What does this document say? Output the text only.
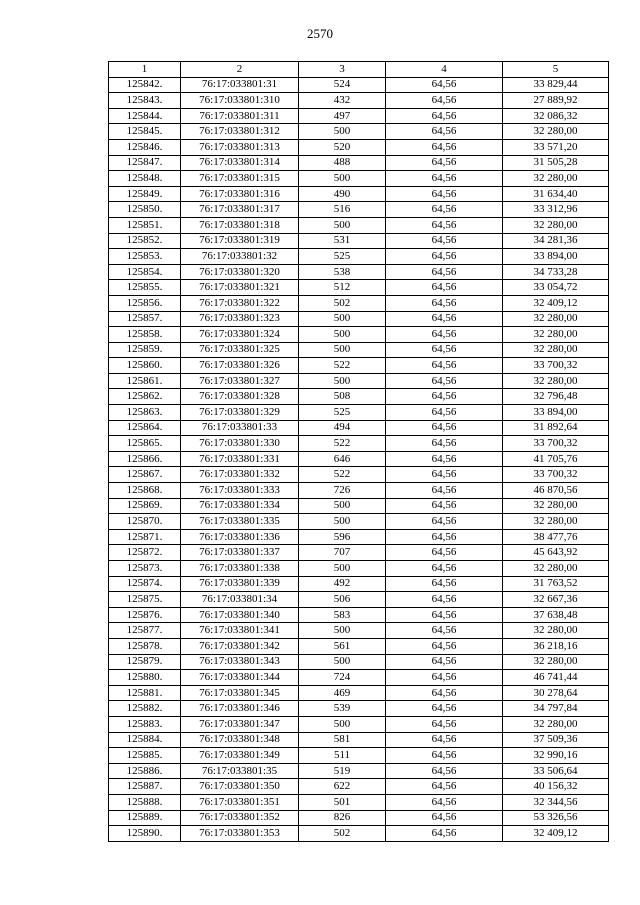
2570
1	2	3	4	5
125842.	76:17:033801:31	524	64,56	33 829,44
125843.	76:17:033801:310	432	64,56	27 889,92
125844.	76:17:033801:311	497	64,56	32 086,32
125845.	76:17:033801:312	500	64,56	32 280,00
125846.	76:17:033801:313	520	64,56	33 571,20
125847.	76:17:033801:314	488	64,56	31 505,28
125848.	76:17:033801:315	500	64,56	32 280,00
125849.	76:17:033801:316	490	64,56	31 634,40
125850.	76:17:033801:317	516	64,56	33 312,96
125851.	76:17:033801:318	500	64,56	32 280,00
125852.	76:17:033801:319	531	64,56	34 281,36
125853.	76:17:033801:32	525	64,56	33 894,00
125854.	76:17:033801:320	538	64,56	34 733,28
125855.	76:17:033801:321	512	64,56	33 054,72
125856.	76:17:033801:322	502	64,56	32 409,12
125857.	76:17:033801:323	500	64,56	32 280,00
125858.	76:17:033801:324	500	64,56	32 280,00
125859.	76:17:033801:325	500	64,56	32 280,00
125860.	76:17:033801:326	522	64,56	33 700,32
125861.	76:17:033801:327	500	64,56	32 280,00
125862.	76:17:033801:328	508	64,56	32 796,48
125863.	76:17:033801:329	525	64,56	33 894,00
125864.	76:17:033801:33	494	64,56	31 892,64
125865.	76:17:033801:330	522	64,56	33 700,32
125866.	76:17:033801:331	646	64,56	41 705,76
125867.	76:17:033801:332	522	64,56	33 700,32
125868.	76:17:033801:333	726	64,56	46 870,56
125869.	76:17:033801:334	500	64,56	32 280,00
125870.	76:17:033801:335	500	64,56	32 280,00
125871.	76:17:033801:336	596	64,56	38 477,76
125872.	76:17:033801:337	707	64,56	45 643,92
125873.	76:17:033801:338	500	64,56	32 280,00
125874.	76:17:033801:339	492	64,56	31 763,52
125875.	76:17:033801:34	506	64,56	32 667,36
125876.	76:17:033801:340	583	64,56	37 638,48
125877.	76:17:033801:341	500	64,56	32 280,00
125878.	76:17:033801:342	561	64,56	36 218,16
125879.	76:17:033801:343	500	64,56	32 280,00
125880.	76:17:033801:344	724	64,56	46 741,44
125881.	76:17:033801:345	469	64,56	30 278,64
125882.	76:17:033801:346	539	64,56	34 797,84
125883.	76:17:033801:347	500	64,56	32 280,00
125884.	76:17:033801:348	581	64,56	37 509,36
125885.	76:17:033801:349	511	64,56	32 990,16
125886.	76:17:033801:35	519	64,56	33 506,64
125887.	76:17:033801:350	622	64,56	40 156,32
125888.	76:17:033801:351	501	64,56	32 344,56
125889.	76:17:033801:352	826	64,56	53 326,56
125890.	76:17:033801:353	502	64,56	32 409,12
